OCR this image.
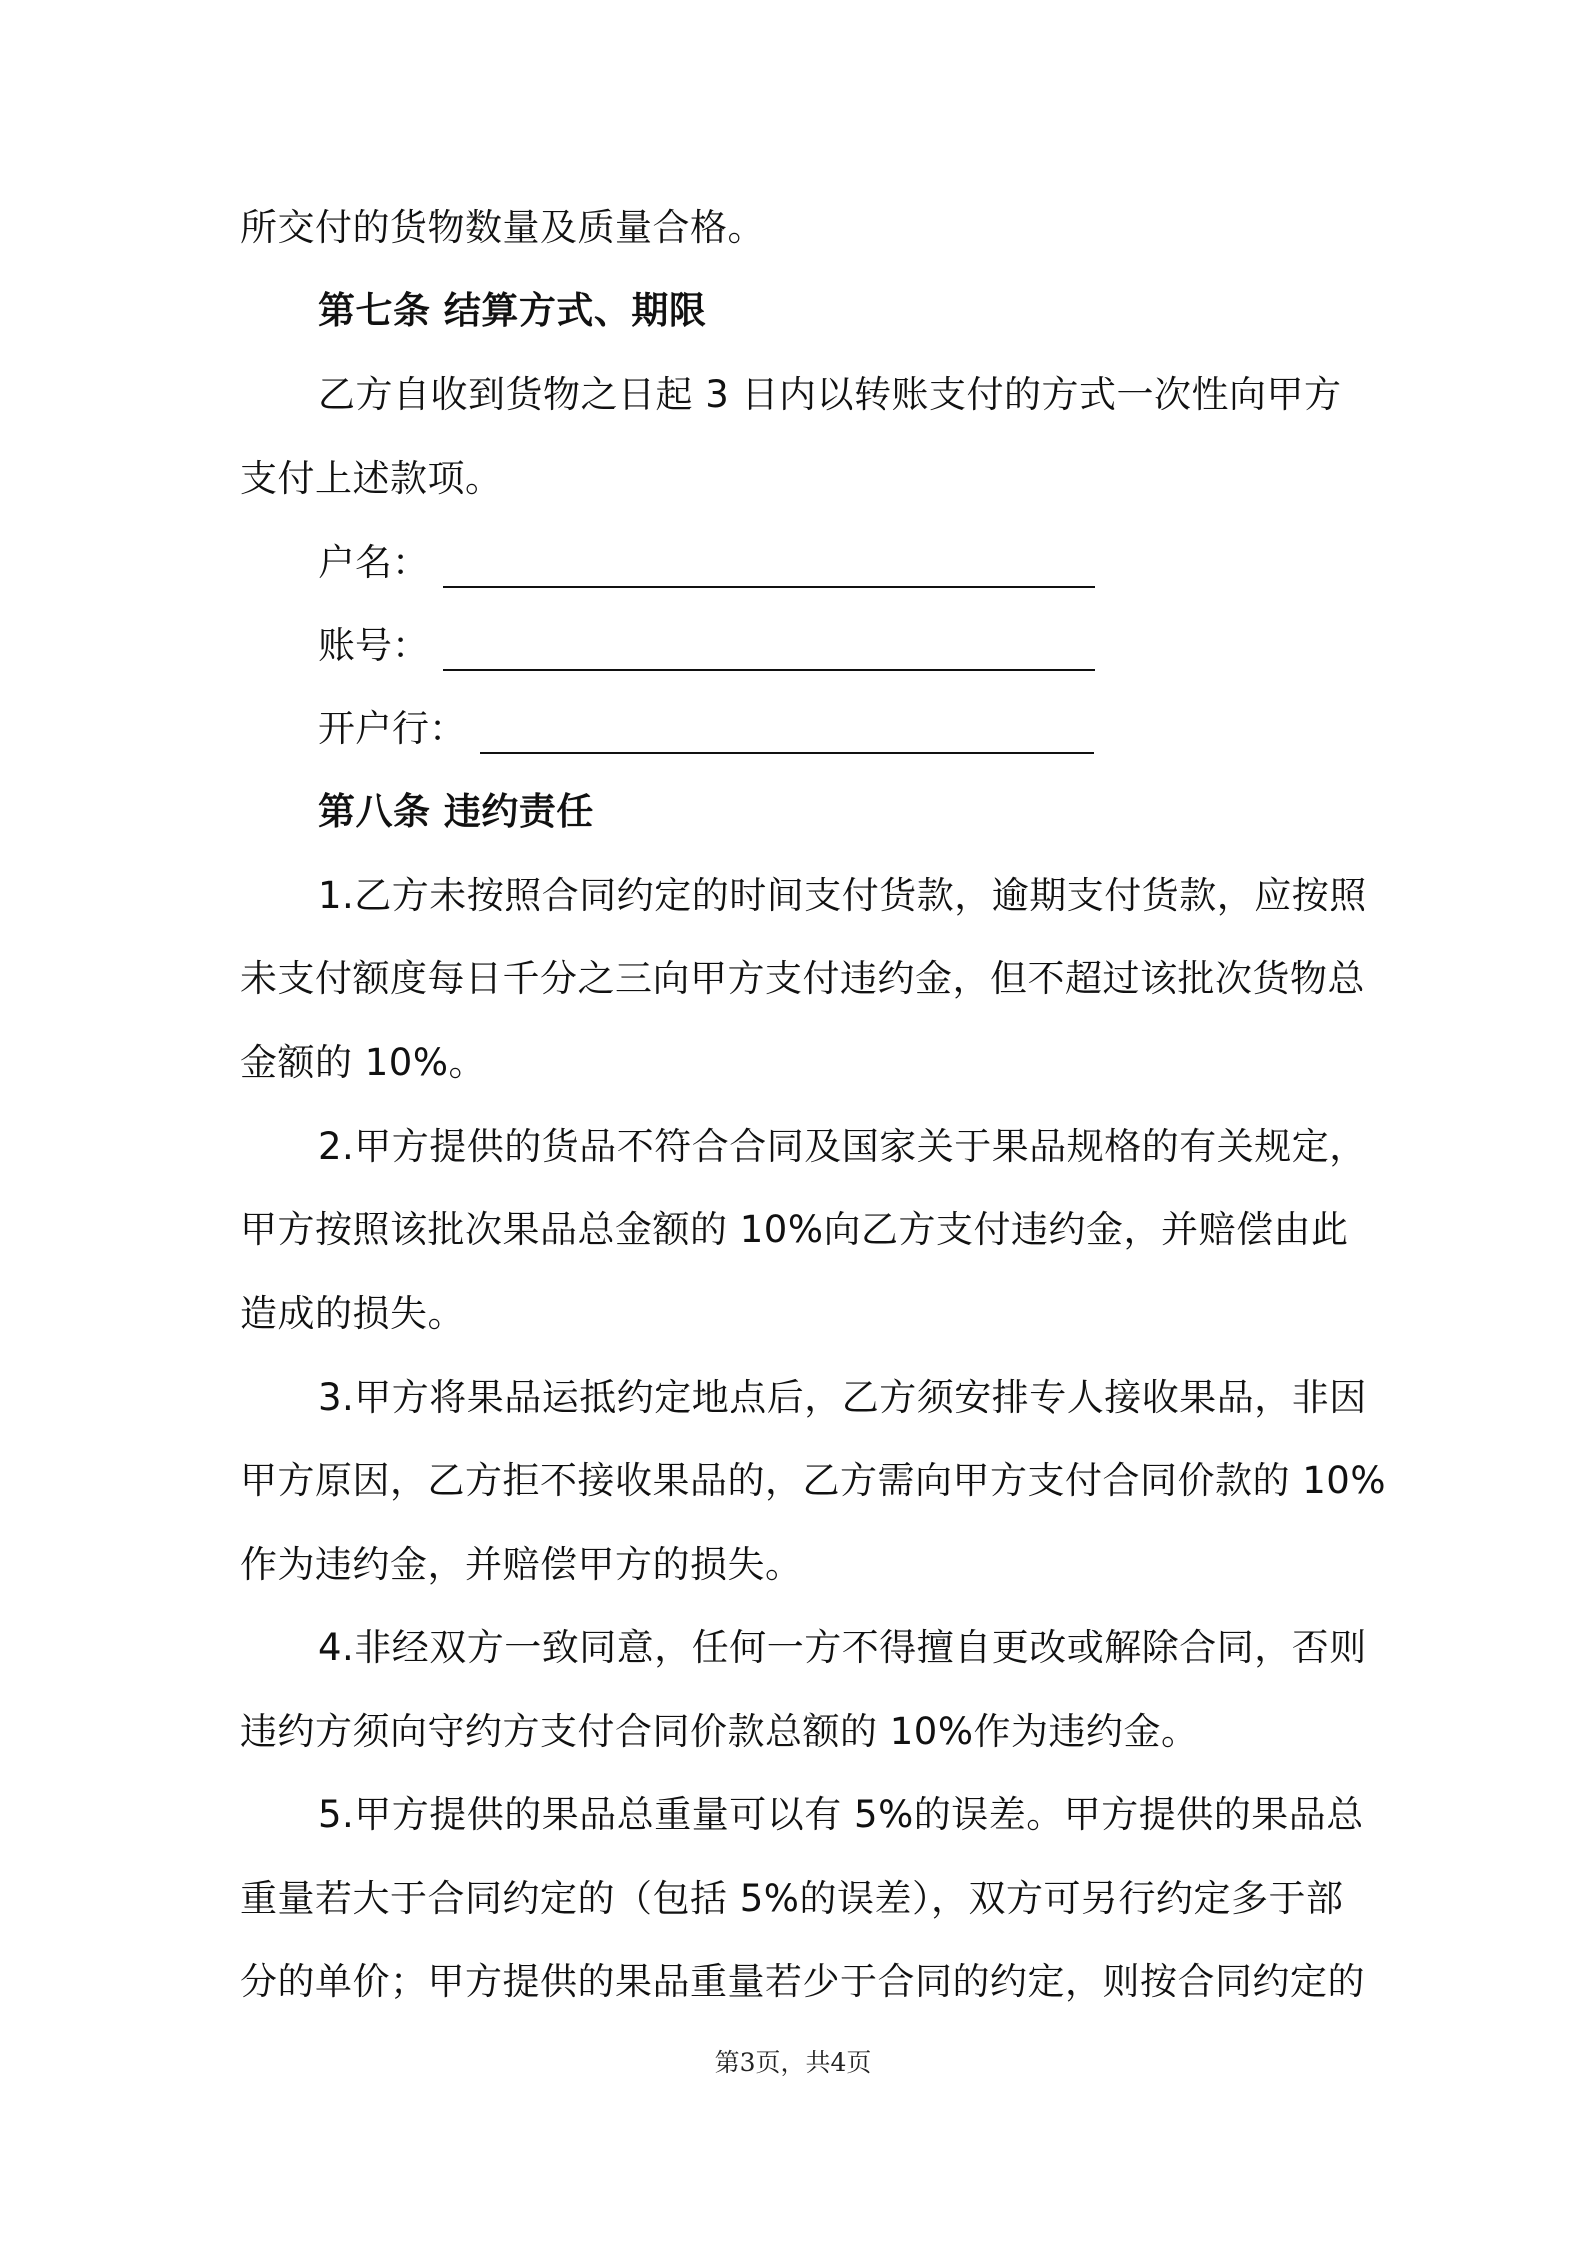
所交付的货物数量及质量合格。
第七条 结算方式、期限
乙方自收到货物之日起 3 日内以转账支付的方式一次性向甲方
支付上述款项。
户名：
账号：
开户行：
第八条 违约责任
1.乙方未按照合同约定的时间支付货款，逾期支付货款，应按照
未支付额度每日千分之三向甲方支付违约金，但不超过该批次货物总
金额的 10%。
2.甲方提供的货品不符合合同及国家关于果品规格的有关规定，
甲方按照该批次果品总金额的 10%向乙方支付违约金，并赔偿由此
造成的损失。
3.甲方将果品运抵约定地点后，乙方须安排专人接收果品，非因
甲方原因，乙方拒不接收果品的，乙方需向甲方支付合同价款的 10%
作为违约金，并赔偿甲方的损失。
4.非经双方一致同意，任何一方不得擅自更改或解除合同，否则
违约方须向守约方支付合同价款总额的 10%作为违约金。
5.甲方提供的果品总重量可以有 5%的误差。甲方提供的果品总
重量若大于合同约定的（包括 5%的误差），双方可另行约定多于部
分的单价；甲方提供的果品重量若少于合同的约定，则按合同约定的
第3页，共4页
